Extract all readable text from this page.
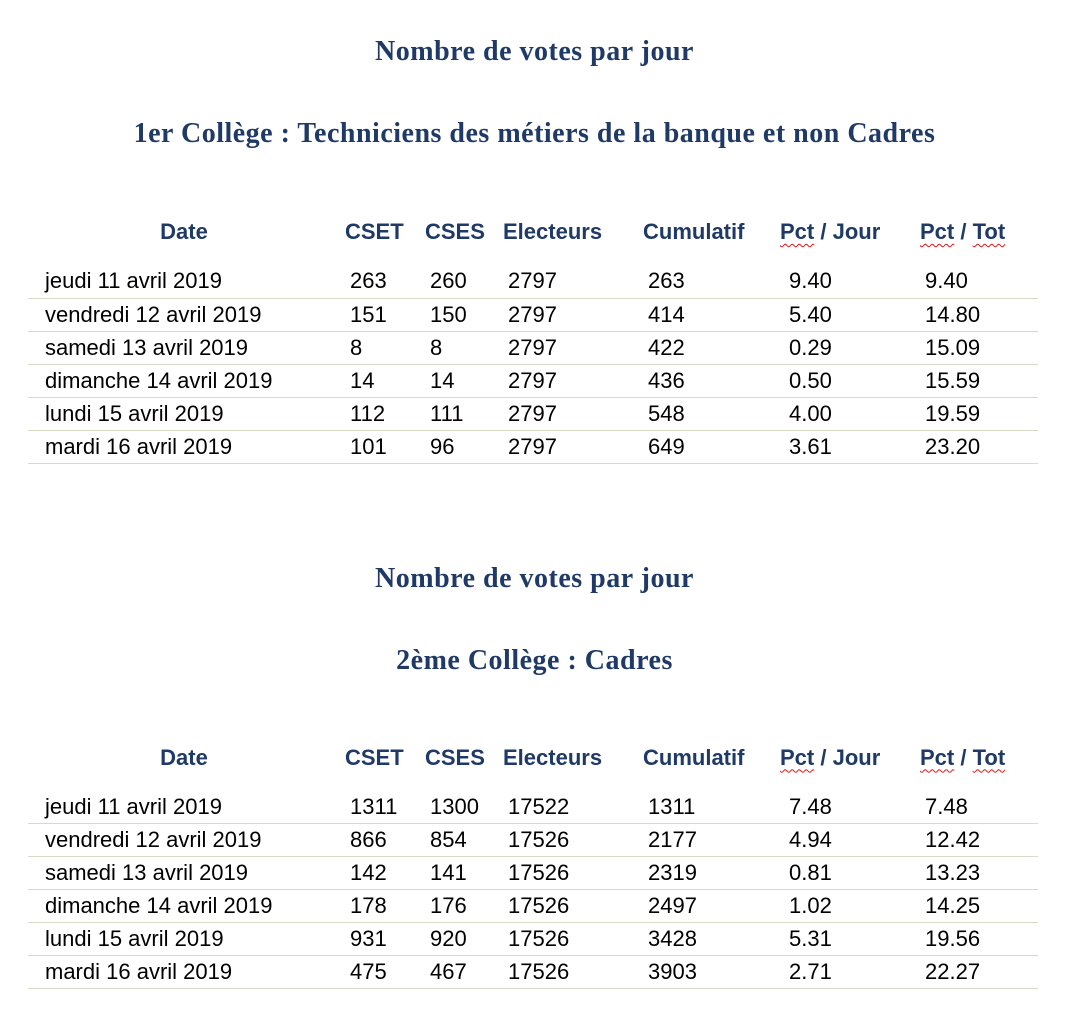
Nombre de votes par jour
1er Collège : Techniciens des métiers de la banque et non Cadres
Date	CSET	CSES	Electeurs	Cumulatif	Pct / Jour	Pct / Tot
jeudi 11 avril 2019	263	260	2797	263	9.40	9.40
vendredi 12 avril 2019	151	150	2797	414	5.40	14.80
samedi 13 avril 2019	8	8	2797	422	0.29	15.09
dimanche 14 avril 2019	14	14	2797	436	0.50	15.59
lundi 15 avril 2019	112	111	2797	548	4.00	19.59
mardi 16 avril 2019	101	96	2797	649	3.61	23.20
Nombre de votes par jour
2ème Collège : Cadres
Date	CSET	CSES	Electeurs	Cumulatif	Pct / Jour	Pct / Tot
jeudi 11 avril 2019	1311	1300	17522	1311	7.48	7.48
vendredi 12 avril 2019	866	854	17526	2177	4.94	12.42
samedi 13 avril 2019	142	141	17526	2319	0.81	13.23
dimanche 14 avril 2019	178	176	17526	2497	1.02	14.25
lundi 15 avril 2019	931	920	17526	3428	5.31	19.56
mardi 16 avril 2019	475	467	17526	3903	2.71	22.27
